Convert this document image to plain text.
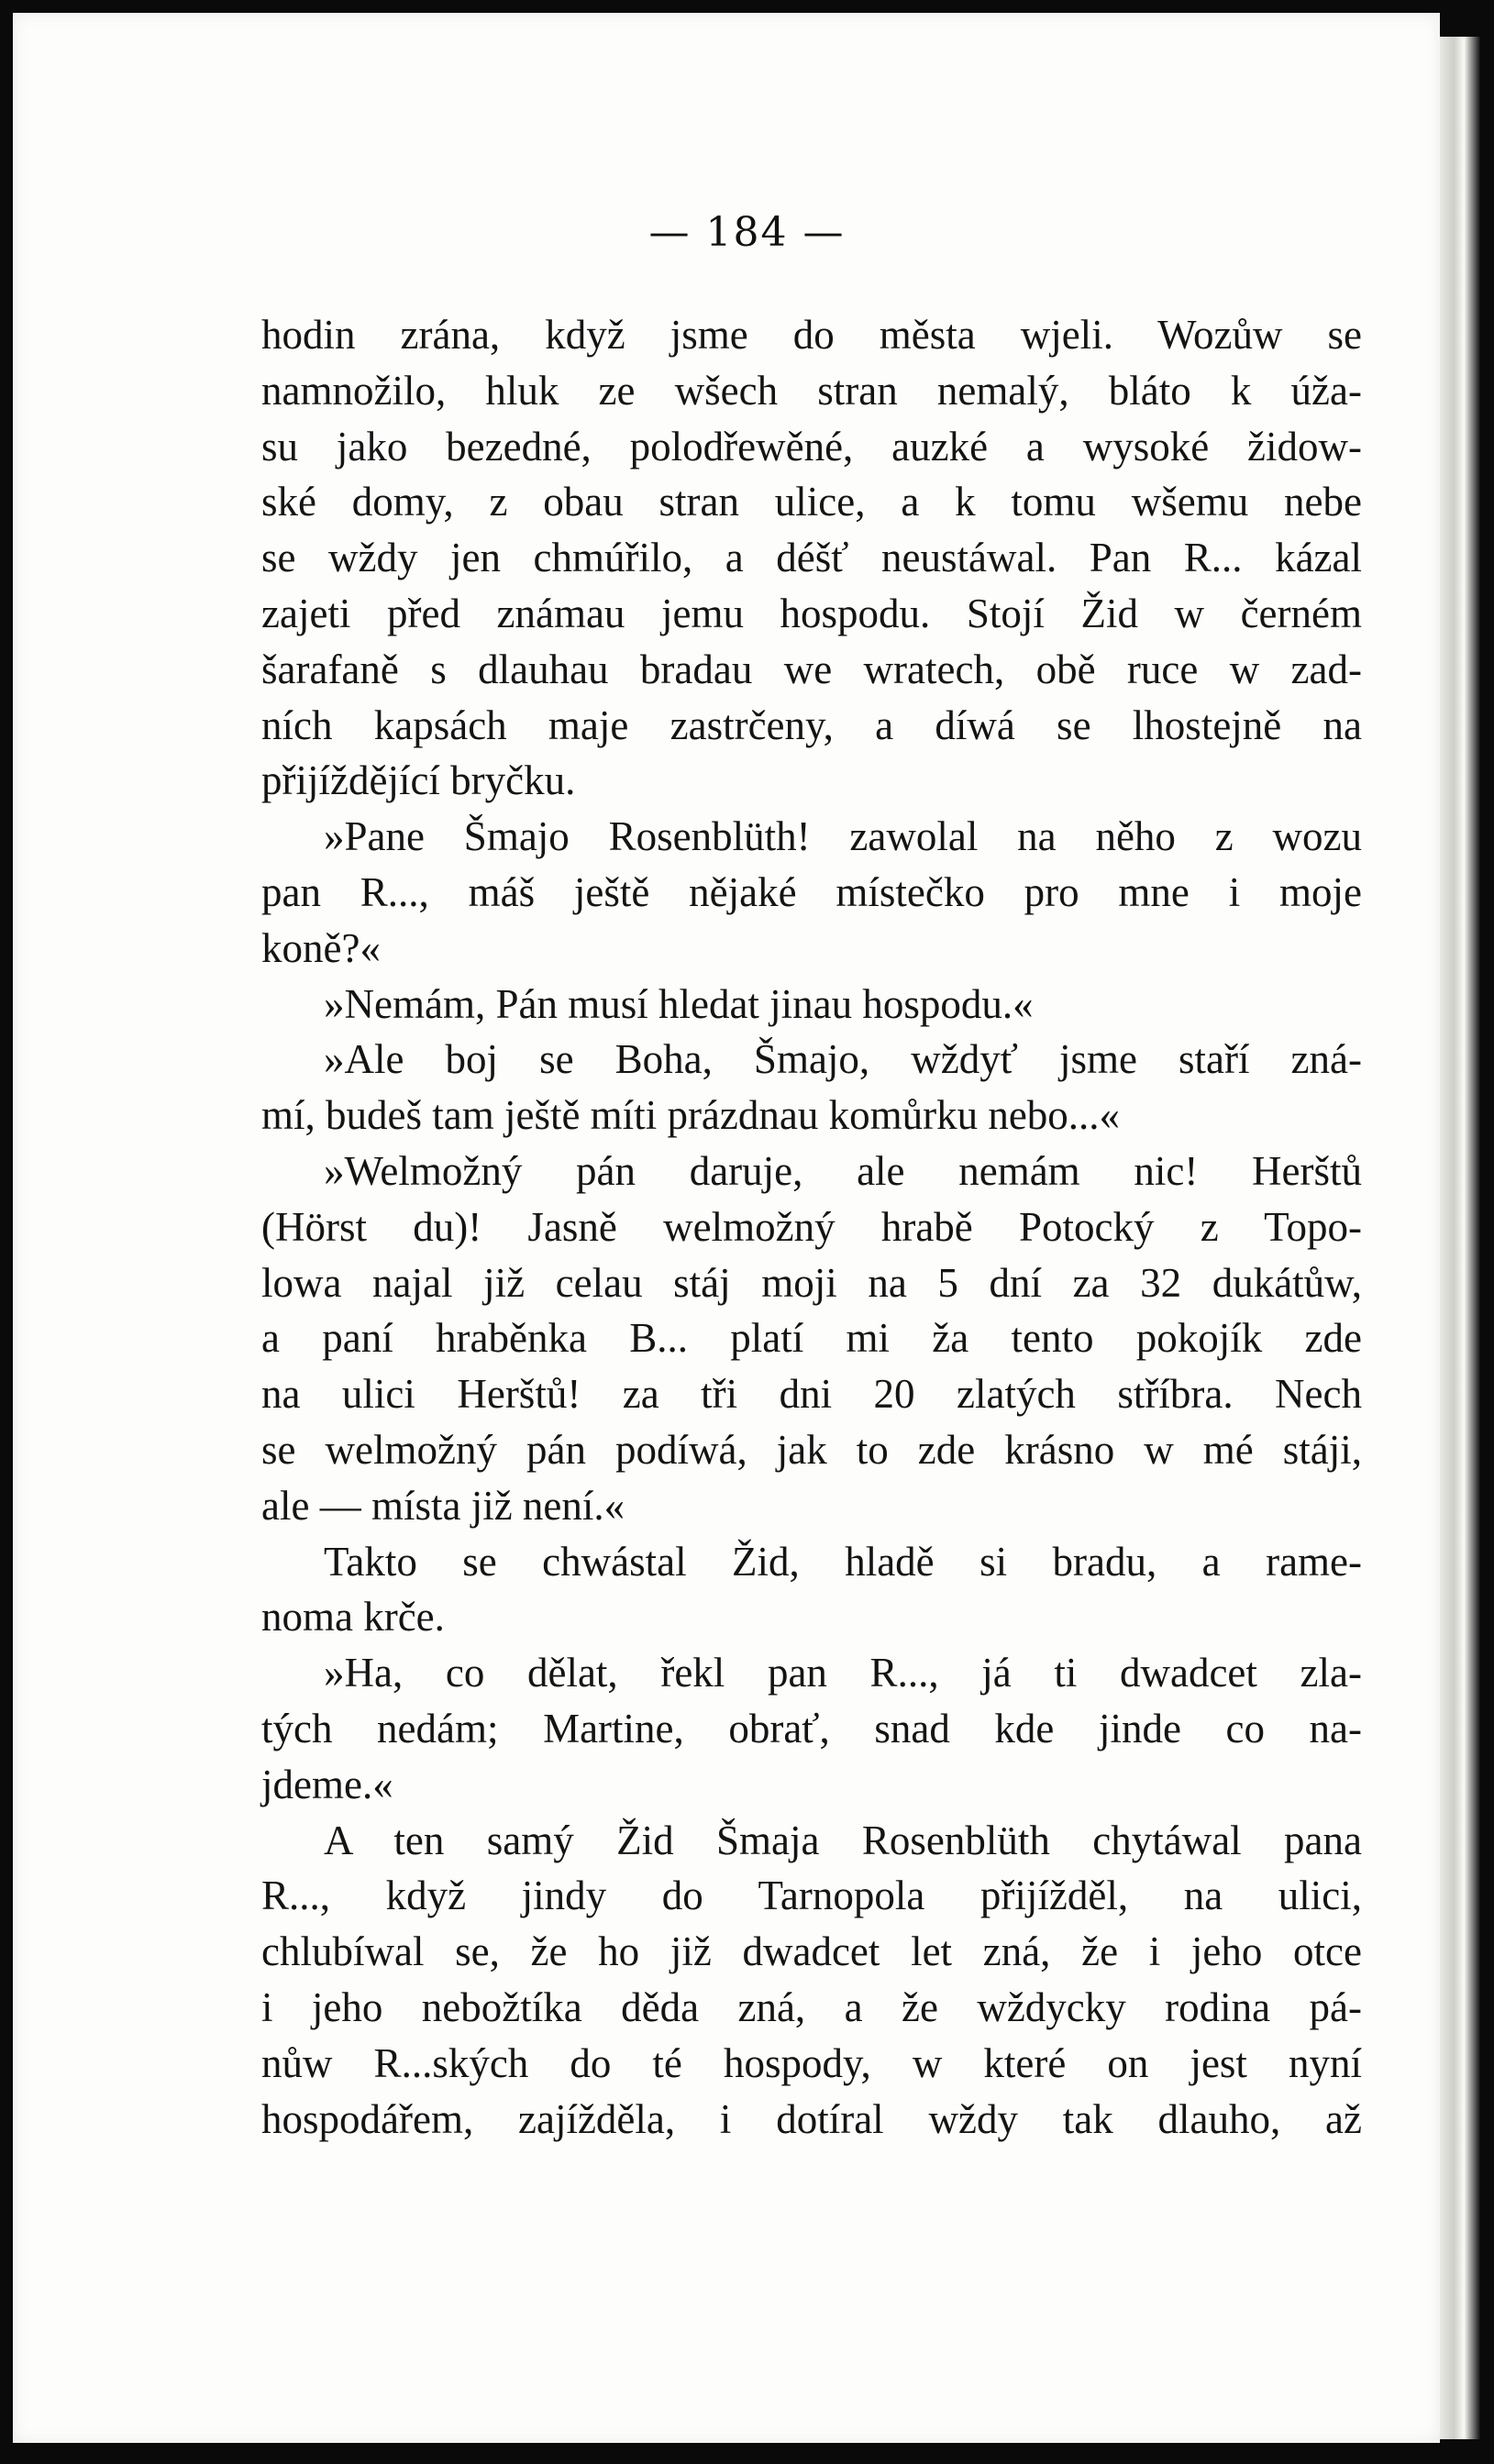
— 184 —
hodin zrána, když jsme do města wjeli. Wozůw se
namnožilo, hluk ze wšech stran nemalý, bláto k úža-
su jako bezedné, polodřewěné, auzké a wysoké židow-
ské domy, z obau stran ulice, a k tomu wšemu nebe
se wždy jen chmúřilo, a déšť neustáwal. Pan R... kázal
zajeti před známau jemu hospodu. Stojí Žid w černém
šarafaně s dlauhau bradau we wratech, obě ruce w zad-
ních kapsách maje zastrčeny, a díwá se lhostejně na
přijíždějící bryčku.
»Pane Šmajo Rosenblüth! zawolal na něho z wozu
pan R..., máš ještě nějaké místečko pro mne i moje
koně?«
»Nemám, Pán musí hledat jinau hospodu.«
»Ale boj se Boha, Šmajo, wždyť jsme staří zná-
mí, budeš tam ještě míti prázdnau komůrku nebo...«
»Welmožný pán daruje, ale nemám nic! Herštů
(Hörst du)! Jasně welmožný hrabě Potocký z Topo-
lowa najal již celau stáj moji na 5 dní za 32 dukátůw,
a paní hraběnka B... platí mi ža tento pokojík zde
na ulici Herštů! za tři dni 20 zlatých stříbra. Nech
se welmožný pán podíwá, jak to zde krásno w mé stáji,
ale — místa již není.«
Takto se chwástal Žid, hladě si bradu, a rame-
noma krče.
»Ha, co dělat, řekl pan R..., já ti dwadcet zla-
tých nedám; Martine, obrať, snad kde jinde co na-
jdeme.«
A ten samý Žid Šmaja Rosenblüth chytáwal pana
R..., když jindy do Tarnopola přijížděl, na ulici,
chlubíwal se, že ho již dwadcet let zná, že i jeho otce
i jeho nebožtíka děda zná, a že wždycky rodina pá-
nůw R...ských do té hospody, w které on jest nyní
hospodářem, zajížděla, i dotíral wždy tak dlauho, až
